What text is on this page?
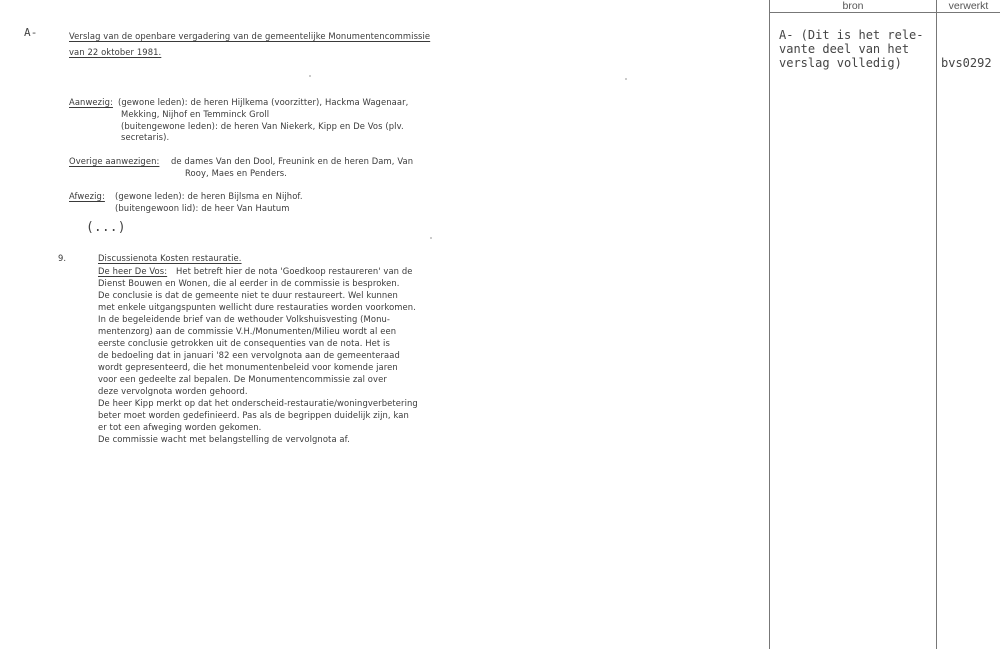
A-	Verslag van de openbare vergadering van de gemeentelijke Monumentencommissie
van 22 oktober 1981.
Aanwezig: (gewone leden): de heren Hijlkema (voorzitter), Hackma Wagenaar,
Mekking, Nijhof en Temminck Groll
(buitengewone leden): de heren Van Niekerk, Kipp en De Vos (plv.
secretaris).
Overige aanwezigen: de dames Van den Dool, Freunink en de heren Dam, Van
Rooy, Maes en Penders.
Afwezig: (gewone leden): de heren Bijlsma en Nijhof.
(buitengewoon lid): de heer Van Hautum
(...)
9.	Discussienota Kosten restauratie.
De heer De Vos: Het betreft hier de nota 'Goedkoop restaureren' van de
Dienst Bouwen en Wonen, die al eerder in de commissie is besproken.
De conclusie is dat de gemeente niet te duur restaureert. Wel kunnen
met enkele uitgangspunten wellicht dure restauraties worden voorkomen.
In de begeleidende brief van de wethouder Volkshuisvesting (Monu-
mentenzorg) aan de commissie V.H./Monumenten/Milieu wordt al een
eerste conclusie getrokken uit de consequenties van de nota. Het is
de bedoeling dat in januari '82 een vervolgnota aan de gemeenteraad
wordt gepresenteerd, die het monumentenbeleid voor komende jaren
voor een gedeelte zal bepalen. De Monumentencommissie zal over
deze vervolgnota worden gehoord.
De heer Kipp merkt op dat het onderscheid-restauratie/woningverbetering
beter moet worden gedefinieerd. Pas als de begrippen duidelijk zijn, kan
er tot een afweging worden gekomen.
De commissie wacht met belangstelling de vervolgnota af.
bron	verwerkt
A- (Dit is het rele-
vante deel van het
verslag volledig)	bvs0292
